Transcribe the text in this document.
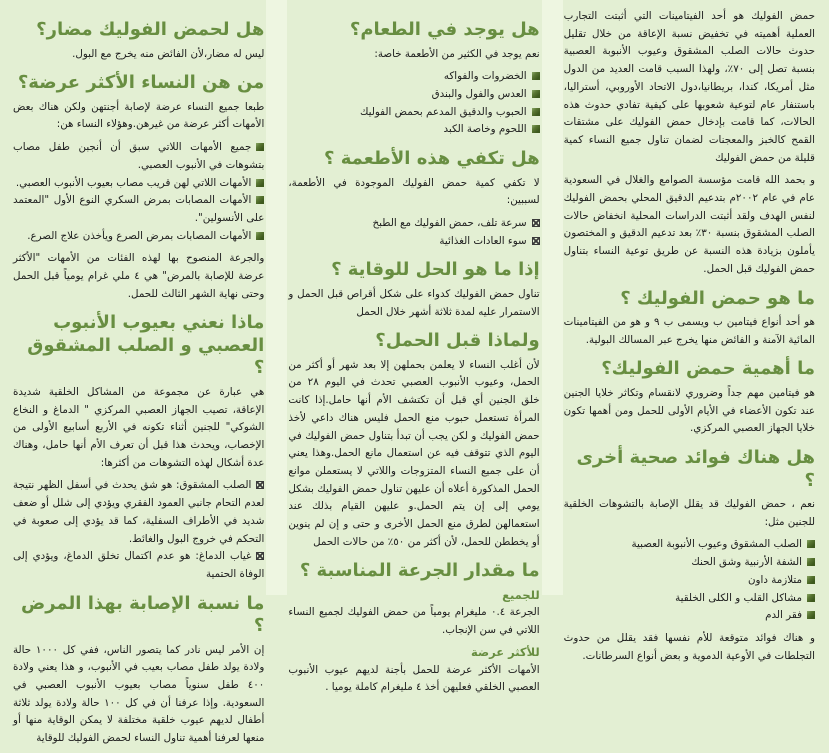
حمض الفوليك هو أحد الفيتامينات التي أثبتت التجارب العملية أهميته في تخفيض نسبة الإعاقة من خلال تقليل حدوث حالات الصلب المشقوق وعيوب الأنبوبة العصبية بنسبة تصل إلى ٧٠٪، ولهذا السبب قامت العديد من الدول مثل أمريكا، كندا، بريطانيا،دول الاتحاد الأوروبي، أستراليا، باستنفار عام لتوعية شعوبها على كيفية تفادي حدوث هذه الحالات، كما قامت بإدخال حمض الفوليك على مشتقات القمح كالخبز والمعجنات لضمان تناول جميع النساء كمية قليلة من حمض الفوليك

و بحمد الله قامت مؤسسة الصوامع والغلال في السعودية عام في عام ٢٠٠٢م بتدعيم الدقيق المحلي بحمض الفوليك لنفس الهدف ولقد أثبتت الدراسات المحلية انخفاض حالات الصلب المشقوق بنسبة ٣٠٪ بعد تدعيم الدقيق و المختصون يأملون بزيادة هذه النسبة عن طريق توعية النساء بتناول حمض الفوليك قبل الحمل.

ما هو حمض الفوليك ؟

هو أحد أنواع فيتامين ب ويسمى ب ٩ و هو من الفيتامينات المائية الآمنة و الفائض منها يخرج عبر المسالك البولية.

ما أهمية حمض الفوليك؟

هو فيتامين مهم جداً وضروري لانقسام وتكاثر خلايا الجنين عند تكون الأعضاء في الأيام الأولى للحمل ومن أهمها تكون خلايا الجهاز العصبي المركزي.

هل هناك فوائد صحية أخرى ؟

نعم ، حمض الفوليك قد يقلل الإصابة بالتشوهات الخلقية للجنين مثل:

الصلب المشقوق وعيوب الأنبوبة العصبية
الشفة الأرنبية وشق الحنك
متلازمة داون
مشاكل القلب و الكلى الخلقية
فقر الدم

و هناك فوائد متوقعة للأم نفسها فقد يقلل من حدوث التجلطات في الأوعية الدموية و بعض أنواع السرطانات.

هل يوجد في الطعام؟

نعم يوجد في الكثير من الأطعمة خاصة:

الخضروات والفواكه
العدس والفول والبندق
الحبوب والدقيق المدعم بحمض الفوليك
اللحوم وخاصة الكبد
هل تكفي هذه الأطعمة ؟

لا تكفي كمية حمض الفوليك الموجودة في الأطعمة، لسببين:

سرعة تلف، حمض الفوليك مع الطبخ
سوء العادات الغذائية
إذا ما هو الحل للوقاية ؟

تناول حمض الفوليك كدواء على شكل أقراص قبل الحمل و الاستمرار عليه لمدة ثلاثة أشهر خلال الحمل

ولماذا قبل الحمل؟

لأن أغلب النساء لا يعلمن بحملهن إلا بعد شهر أو أكثر من الحمل، وعيوب الأنبوب العصبي تحدث في اليوم ٢٨ من خلق الجنين أي قبل أن تكتشف الأم أنها حامل.إذا كانت المرأة تستعمل حبوب منع الحمل فليس هناك داعي لأخذ حمض الفوليك و لكن يجب أن تبدأ بتناول حمض الفوليك في اليوم الذي تتوقف فيه عن استعمال مانع الحمل.وهذا يعني أن على جميع النساء المتزوجات واللاتي لا يستعملن موانع الحمل المذكورة أعلاه أن عليهن تناول حمض الفوليك بشكل يومي إلى إن يتم الحمل.و عليهن القيام بذلك عند استعمالهن لطرق منع الحمل الأخرى و حتى و إن لم ينوين أو يخططن للحمل، لأن أكثر من ٥٠٪ من حالات الحمل

ما مقدار الجرعة المناسبة ؟
للجميع

الجرعة ٠.٤ مليغرام يومياً من حمض الفوليك لجميع النساء اللاتي في سن الإنجاب.

للأكثر عرضة

الأمهات الأكثر عرضة للحمل بأجنة لديهم عيوب الأنبوب العصبي الخلقي فعليهن أخذ ٤ مليغرام كاملة يوميا .

هل لحمض الفوليك مضار؟

ليس له مضار،لأن الفائض منه يخرج مع البول.

من هن النساء الأكثر عرضة؟

طبعا جميع النساء عرضة لإصابة أجنتهن ولكن هناك بعض الأمهات أكثر عرضة من غيرهن.وهؤلاء النساء هن:

جميع الأمهات اللاتي سبق أن أنجبن طفل مصاب بتشوهات في الأنبوب العصبي.
الأمهات اللاتي لهن قريب مصاب بعيوب الأنبوب العصبي.
الأمهات المصابات بمرض السكري النوع الأول "المعتمد على الأنسولين".
الأمهات المصابات بمرض الصرع ويأخذن علاج الصرع.

والجرعة المنصوح بها لهذه الفئات من الأمهات "الأكثر عرضة للإصابة بالمرض" هي ٤ ملي غرام يومياً قبل الحمل وحتى نهاية الشهر الثالث للحمل.

ماذا نعني بعيوب الأنبوب العصبي و الصلب المشقوق ؟

هي عبارة عن مجموعة من المشاكل الخلقية شديدة الإعاقة، تصيب الجهاز العصبي المركزي " الدماغ و النخاع الشوكي" للجنين أثناء تكونه في الأربع أسابيع الأولى من الإخصاب، ويحدث هذا قبل أن تعرف الأم أنها حامل، وهناك عدة أشكال لهذه التشوهات من أكثرها:

الصلب المشقوق: هو شق يحدث في أسفل الظهر نتيجة لعدم التحام جانبي العمود الفقري ويؤدي إلى شلل أو ضعف شديد في الأطراف السفلية، كما قد يؤدي إلى صعوبة في التحكم في خروج البول والغائط.
غياب الدماغ: هو عدم اكتمال تخلق الدماغ، ويؤدي إلى الوفاة الحتمية
ما نسبة الإصابة بهذا المرض ؟

إن الأمر ليس نادر كما يتصور الناس، ففي كل ١٠٠٠ حالة ولادة يولد طفل مصاب بعيب في الأنبوب، و هذا يعني ولادة ٤٠٠ طفل سنوياً مصاب بعيوب الأنبوب العصبي في السعودية. وإذا عرفنا أن في كل ١٠٠ حالة ولادة يولد ثلاثة أطفال لديهم عيوب خلقية مختلفة لا يمكن الوقاية منها أو منعها لعرفنا أهمية تناول النساء لحمض الفوليك للوقاية
